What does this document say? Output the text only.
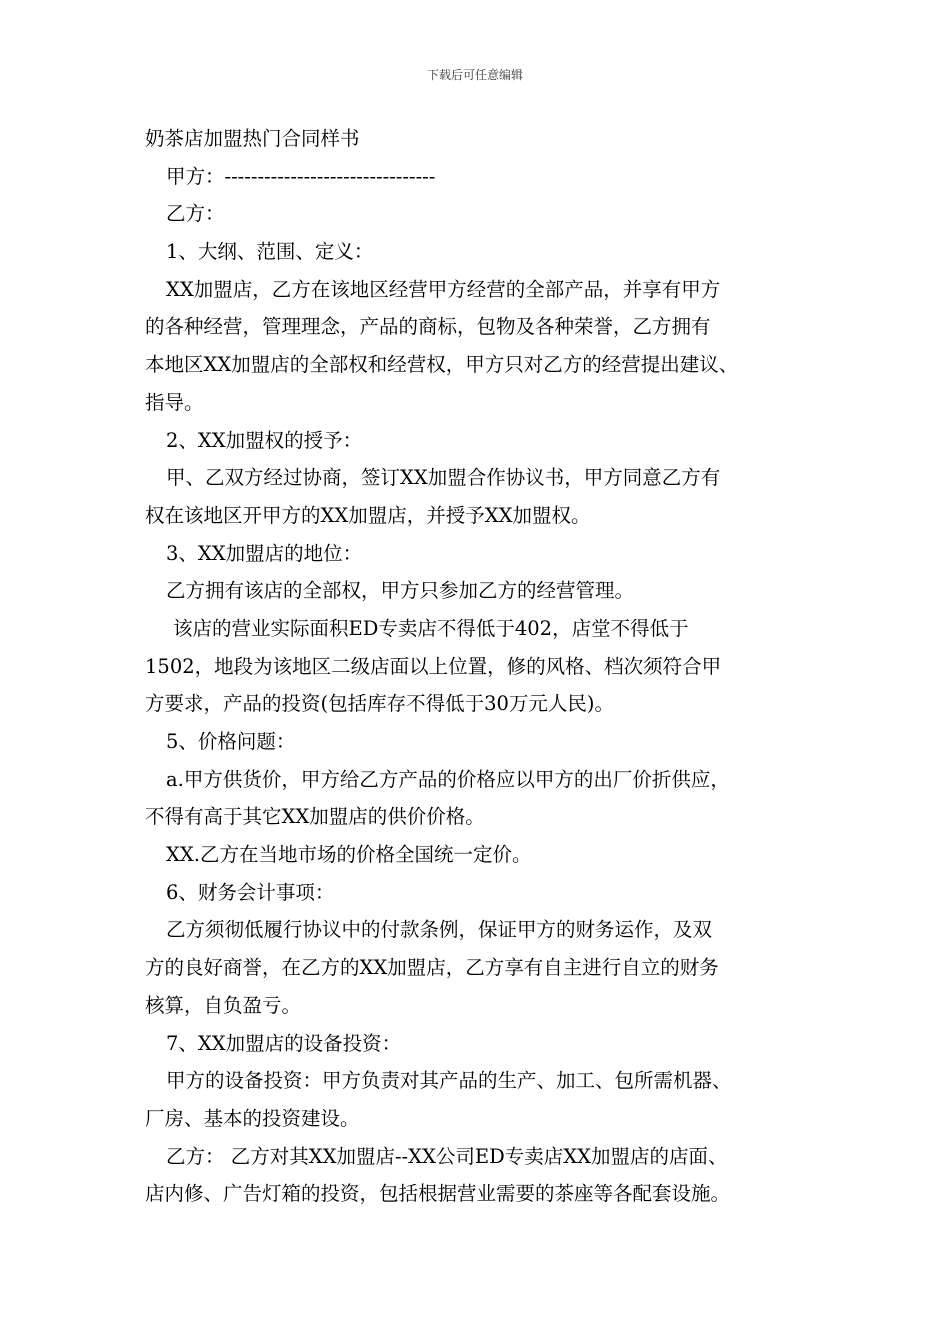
下载后可任意编辑
奶茶店加盟热门合同样书
甲方：--------------------------------
乙方：
1、大纲、范围、定义：
XX加盟店，乙方在该地区经营甲方经营的全部产品，并享有甲方
的各种经营，管理理念，产品的商标，包物及各种荣誉，乙方拥有
本地区XX加盟店的全部权和经营权，甲方只对乙方的经营提出建议、
指导。
2、XX加盟权的授予：
甲、乙双方经过协商，签订XX加盟合作协议书，甲方同意乙方有
权在该地区开甲方的XX加盟店，并授予XX加盟权。
3、XX加盟店的地位：
乙方拥有该店的全部权，甲方只参加乙方的经营管理。
该店的营业实际面积ED专卖店不得低于402，店堂不得低于
1502，地段为该地区二级店面以上位置，修的风格、档次须符合甲
方要求，产品的投资(包括库存不得低于30万元人民)。
5、价格问题：
a.甲方供货价，甲方给乙方产品的价格应以甲方的出厂价折供应，
不得有高于其它XX加盟店的供价价格。
XX.乙方在当地市场的价格全国统一定价。
6、财务会计事项：
乙方须彻低履行协议中的付款条例，保证甲方的财务运作，及双
方的良好商誉，在乙方的XX加盟店，乙方享有自主进行自立的财务
核算，自负盈亏。
7、XX加盟店的设备投资：
甲方的设备投资：甲方负责对其产品的生产、加工、包所需机器、
厂房、基本的投资建设。
乙方： 乙方对其XX加盟店--XX公司ED专卖店XX加盟店的店面、
店内修、广告灯箱的投资，包括根据营业需要的茶座等各配套设施。
